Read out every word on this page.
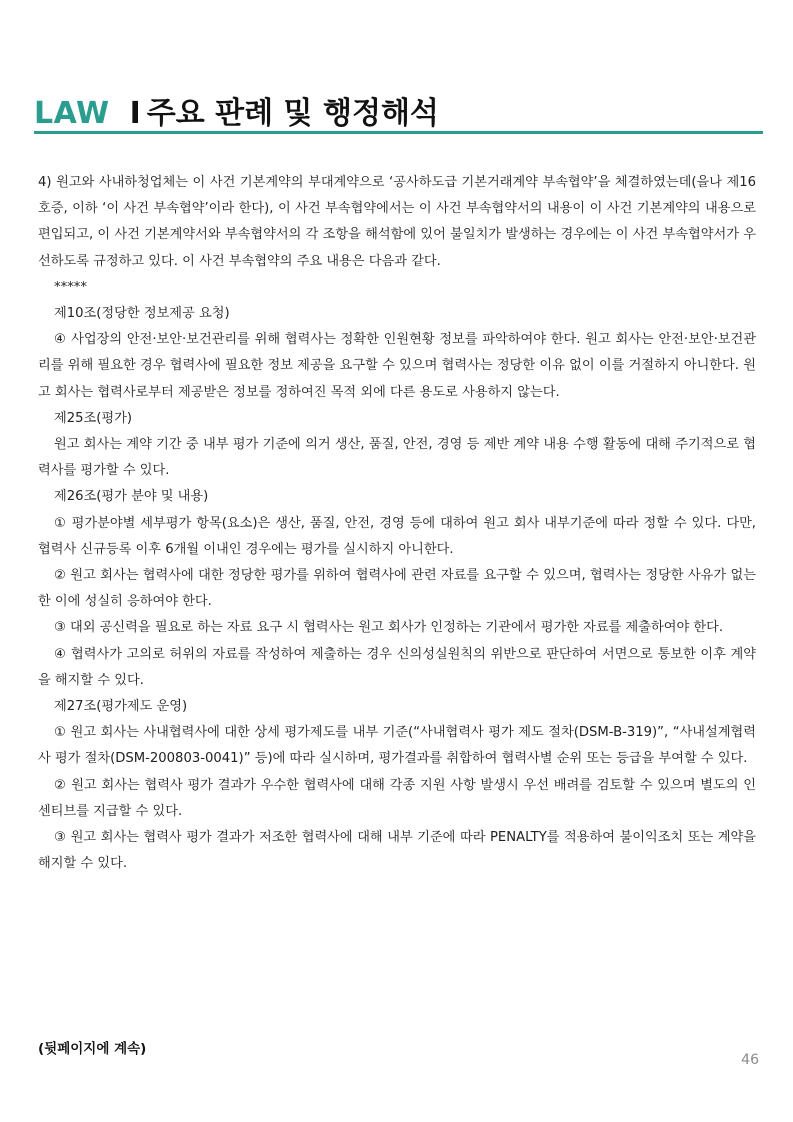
LAW I 주요 판례 및 행정해석

4) 원고와 사내하청업체는 이 사건 기본계약의 부대계약으로 ‘공사하도급 기본거래계약 부속협약’을 체결하였는데(을나 제16호증, 이하 ‘이 사건 부속협약’이라 한다), 이 사건 부속협약에서는 이 사건 부속협약서의 내용이 이 사건 기본계약의 내용으로 편입되고, 이 사건 기본계약서와 부속협약서의 각 조항을 해석함에 있어 불일치가 발생하는 경우에는 이 사건 부속협약서가 우선하도록 규정하고 있다. 이 사건 부속협약의 주요 내용은 다음과 같다.

*****

제10조(정당한 정보제공 요청)

④ 사업장의 안전·보안·보건관리를 위해 협력사는 정확한 인원현황 정보를 파악하여야 한다. 원고 회사는 안전·보안·보건관리를 위해 필요한 경우 협력사에 필요한 정보 제공을 요구할 수 있으며 협력사는 정당한 이유 없이 이를 거절하지 아니한다. 원고 회사는 협력사로부터 제공받은 정보를 정하여진 목적 외에 다른 용도로 사용하지 않는다.

제25조(평가)

원고 회사는 계약 기간 중 내부 평가 기준에 의거 생산, 품질, 안전, 경영 등 제반 계약 내용 수행 활동에 대해 주기적으로 협력사를 평가할 수 있다.

제26조(평가 분야 및 내용)

① 평가분야별 세부평가 항목(요소)은 생산, 품질, 안전, 경영 등에 대하여 원고 회사 내부기준에 따라 정할 수 있다. 다만, 협력사 신규등록 이후 6개월 이내인 경우에는 평가를 실시하지 아니한다.

② 원고 회사는 협력사에 대한 정당한 평가를 위하여 협력사에 관련 자료를 요구할 수 있으며, 협력사는 정당한 사유가 없는 한 이에 성실히 응하여야 한다.

③ 대외 공신력을 필요로 하는 자료 요구 시 협력사는 원고 회사가 인정하는 기관에서 평가한 자료를 제출하여야 한다.

④ 협력사가 고의로 허위의 자료를 작성하여 제출하는 경우 신의성실원칙의 위반으로 판단하여 서면으로 통보한 이후 계약을 해지할 수 있다.

제27조(평가제도 운영)

① 원고 회사는 사내협력사에 대한 상세 평가제도를 내부 기준(“사내협력사 평가 제도 절차(DSM-B-319)”, “사내설계협력사 평가 절차(DSM-200803-0041)” 등)에 따라 실시하며, 평가결과를 취합하여 협력사별 순위 또는 등급을 부여할 수 있다.

② 원고 회사는 협력사 평가 결과가 우수한 협력사에 대해 각종 지원 사항 발생시 우선 배려를 검토할 수 있으며 별도의 인센티브를 지급할 수 있다.

③ 원고 회사는 협력사 평가 결과가 저조한 협력사에 대해 내부 기준에 따라 PENALTY를 적용하여 불이익조치 또는 계약을 해지할 수 있다.

(뒷페이지에 계속)
46
